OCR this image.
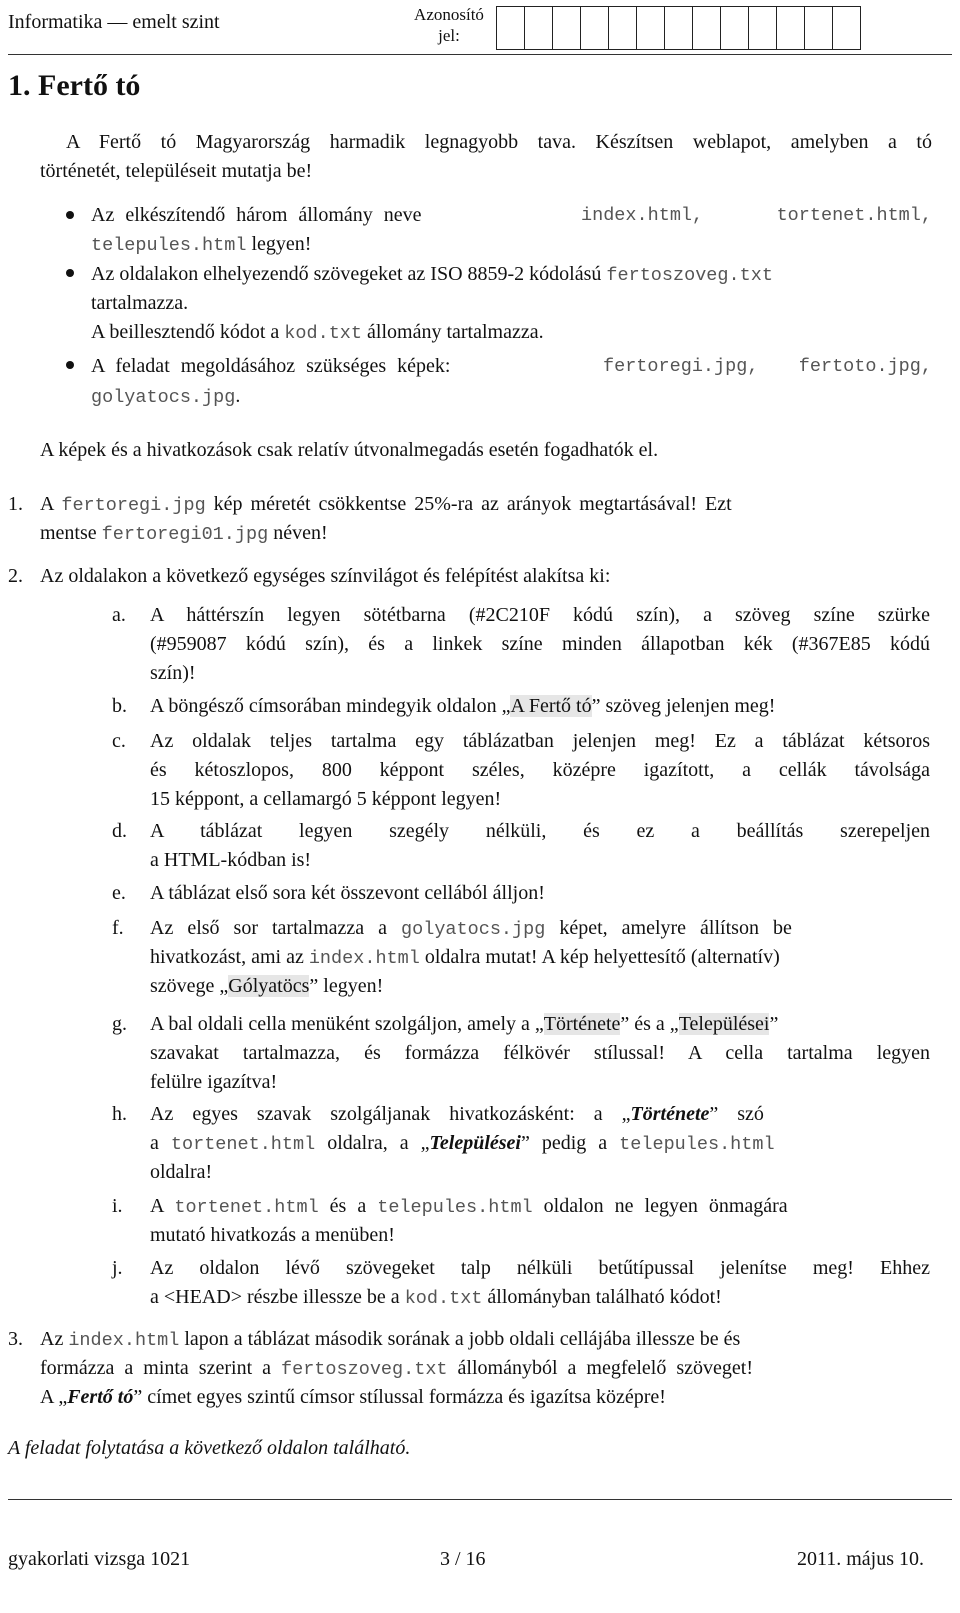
Informatika — emelt szint	Azonosító jel:
1. Fertő tó
A Fertő tó Magyarország harmadik legnagyobb tava. Készítsen weblapot, amelyben a tó
történetét, településeit mutatja be!
Az elkészítendő három állomány neve	index.html,	tortenet.html,
telepules.html legyen!
Az oldalakon elhelyezendő szövegeket az ISO 8859-2 kódolású fertoszoveg.txt
tartalmazza.
A beillesztendő kódot a kod.txt állomány tartalmazza.
A feladat megoldásához szükséges képek:	fertoregi.jpg, fertoto.jpg,
golyatocs.jpg.
A képek és a hivatkozások csak relatív útvonalmegadás esetén fogadhatók el.
1. A fertoregi.jpg kép méretét csökkentse 25%-ra az arányok megtartásával! Ezt
mentse fertoregi01.jpg néven!
2. Az oldalakon a következő egységes színvilágot és felépítést alakítsa ki:
a. A háttérszín legyen sötétbarna (#2C210F kódú szín), a szöveg színe szürke
(#959087 kódú szín), és a linkek színe minden állapotban kék (#367E85 kódú
szín)!
b. A böngésző címsorában mindegyik oldalon „A Fertő tó” szöveg jelenjen meg!
c. Az oldalak teljes tartalma egy táblázatban jelenjen meg! Ez a táblázat kétsoros
és kétoszlopos, 800 képpont széles, középre igazított, a cellák távolsága
15 képpont, a cellamargó 5 képpont legyen!
d. A táblázat legyen szegély nélküli, és ez a beállítás szerepeljen
a HTML-kódban is!
e. A táblázat első sora két összevont cellából álljon!
f. Az első sor tartalmazza a golyatocs.jpg képet, amelyre állítson be
hivatkozást, ami az index.html oldalra mutat! A kép helyettesítő (alternatív)
szövege „Gólyatöcs” legyen!
g. A bal oldali cella menüként szolgáljon, amely a „Története” és a „Települései”
szavakat tartalmazza, és formázza félkövér stílussal! A cella tartalma legyen
felülre igazítva!
h. Az egyes szavak szolgáljanak hivatkozásként: a „Története” szó
a tortenet.html oldalra, a „Települései” pedig a telepules.html
oldalra!
i. A tortenet.html és a telepules.html oldalon ne legyen önmagára
mutató hivatkozás a menüben!
j. Az oldalon lévő szövegeket talp nélküli betűtípussal jelenítse meg! Ehhez
a <HEAD> részbe illessze be a kod.txt állományban található kódot!
3. Az index.html lapon a táblázat második sorának a jobb oldali cellájába illessze be és
formázza a minta szerint a fertoszoveg.txt állományból a megfelelő szöveget!
A „Fertő tó” címet egyes szintű címsor stílussal formázza és igazítsa középre!
A feladat folytatása a következő oldalon található.
gyakorlati vizsga 1021	3 / 16	2011. május 10.
